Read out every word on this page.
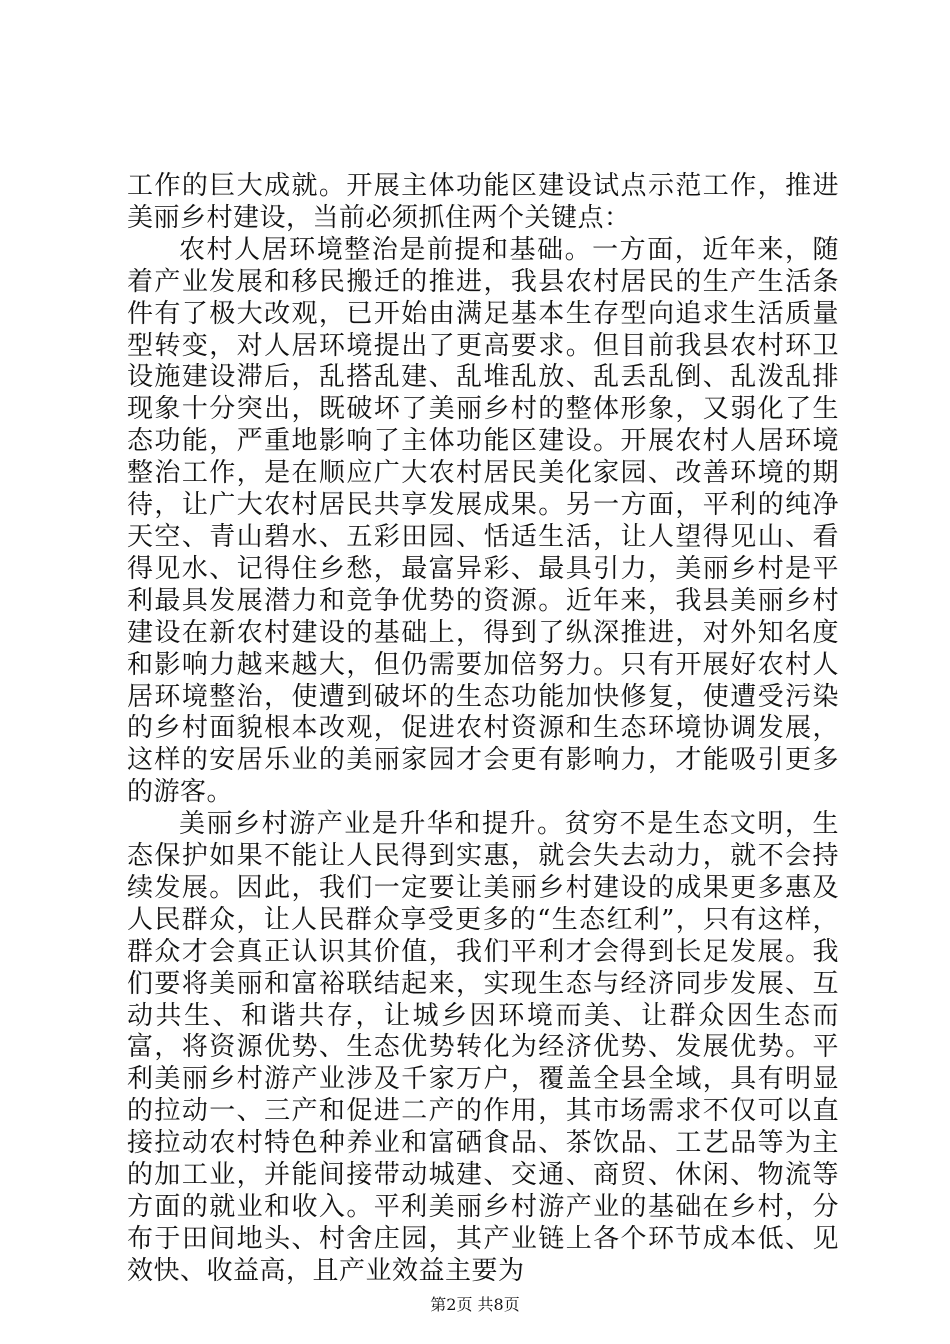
工作的巨大成就。开展主体功能区建设试点示范工作，推进美丽乡村建设，当前必须抓住两个关键点：

农村人居环境整治是前提和基础。一方面，近年来，随着产业发展和移民搬迁的推进，我县农村居民的生产生活条件有了极大改观，已开始由满足基本生存型向追求生活质量型转变，对人居环境提出了更高要求。但目前我县农村环卫设施建设滞后，乱搭乱建、乱堆乱放、乱丢乱倒、乱泼乱排现象十分突出，既破坏了美丽乡村的整体形象，又弱化了生态功能，严重地影响了主体功能区建设。开展农村人居环境整治工作，是在顺应广大农村居民美化家园、改善环境的期待，让广大农村居民共享发展成果。另一方面，平利的纯净天空、青山碧水、五彩田园、恬适生活，让人望得见山、看得见水、记得住乡愁，最富异彩、最具引力，美丽乡村是平利最具发展潜力和竞争优势的资源。近年来，我县美丽乡村建设在新农村建设的基础上，得到了纵深推进，对外知名度和影响力越来越大，但仍需要加倍努力。只有开展好农村人居环境整治，使遭到破坏的生态功能加快修复，使遭受污染的乡村面貌根本改观，促进农村资源和生态环境协调发展，这样的安居乐业的美丽家园才会更有影响力，才能吸引更多的游客。

美丽乡村游产业是升华和提升。贫穷不是生态文明，生态保护如果不能让人民得到实惠，就会失去动力，就不会持续发展。因此，我们一定要让美丽乡村建设的成果更多惠及人民群众，让人民群众享受更多的“生态红利”，只有这样，群众才会真正认识其价值，我们平利才会得到长足发展。我们要将美丽和富裕联结起来，实现生态与经济同步发展、互动共生、和谐共存，让城乡因环境而美、让群众因生态而富，将资源优势、生态优势转化为经济优势、发展优势。平利美丽乡村游产业涉及千家万户，覆盖全县全域，具有明显的拉动一、三产和促进二产的作用，其市场需求不仅可以直接拉动农村特色种养业和富硒食品、茶饮品、工艺品等为主的加工业，并能间接带动城建、交通、商贸、休闲、物流等方面的就业和收入。平利美丽乡村游产业的基础在乡村，分布于田间地头、村舍庄园，其产业链上各个环节成本低、见效快、收益高，且产业效益主要为

第2页 共8页
